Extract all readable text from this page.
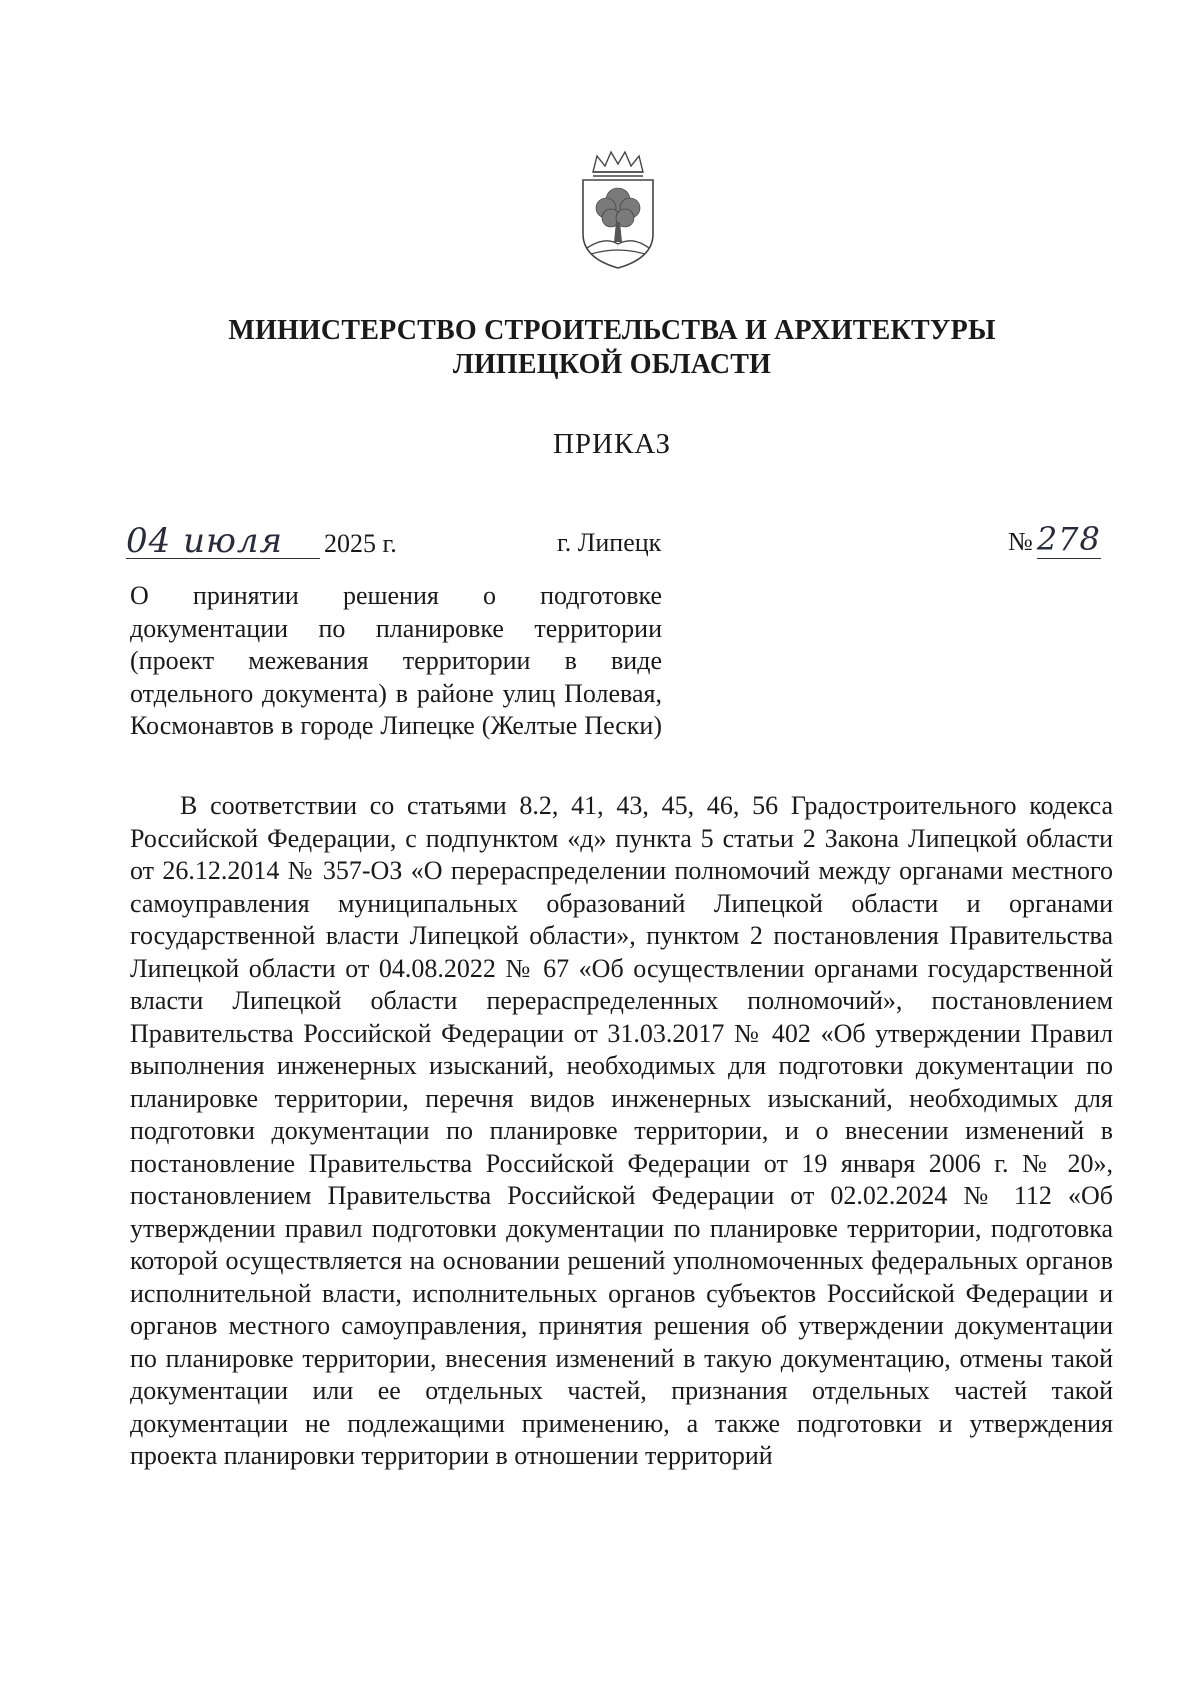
МИНИСТЕРСТВО СТРОИТЕЛЬСТВА И АРХИТЕКТУРЫ
ЛИПЕЦКОЙ ОБЛАСТИ
ПРИКАЗ
04 июля 2025 г.	г. Липецк	№ 278
О принятии решения о подготовке документации по планировке территории (проект межевания территории в виде отдельного документа) в районе улиц Полевая, Космонавтов в городе Липецке (Желтые Пески)
В соответствии со статьями 8.2, 41, 43, 45, 46, 56 Градостроительного кодекса Российской Федерации, с подпунктом «д» пункта 5 статьи 2 Закона Липецкой области от 26.12.2014 № 357-ОЗ «О перераспределении полномочий между органами местного самоуправления муниципальных образований Липецкой области и органами государственной власти Липецкой области», пунктом 2 постановления Правительства Липецкой области от 04.08.2022 № 67 «Об осуществлении органами государственной власти Липецкой области перераспределенных полномочий», постановлением Правительства Российской Федерации от 31.03.2017 № 402 «Об утверждении Правил выполнения инженерных изысканий, необходимых для подготовки документации по планировке территории, перечня видов инженерных изысканий, необходимых для подготовки документации по планировке территории, и о внесении изменений в постановление Правительства Российской Федерации от 19 января 2006 г. № 20», постановлением Правительства Российской Федерации от 02.02.2024 № 112 «Об утверждении правил подготовки документации по планировке территории, подготовка которой осуществляется на основании решений уполномоченных федеральных органов исполнительной власти, исполнительных органов субъектов Российской Федерации и органов местного самоуправления, принятия решения об утверждении документации по планировке территории, внесения изменений в такую документацию, отмены такой документации или ее отдельных частей, признания отдельных частей такой документации не подлежащими применению, а также подготовки и утверждения проекта планировки территории в отношении территорий
